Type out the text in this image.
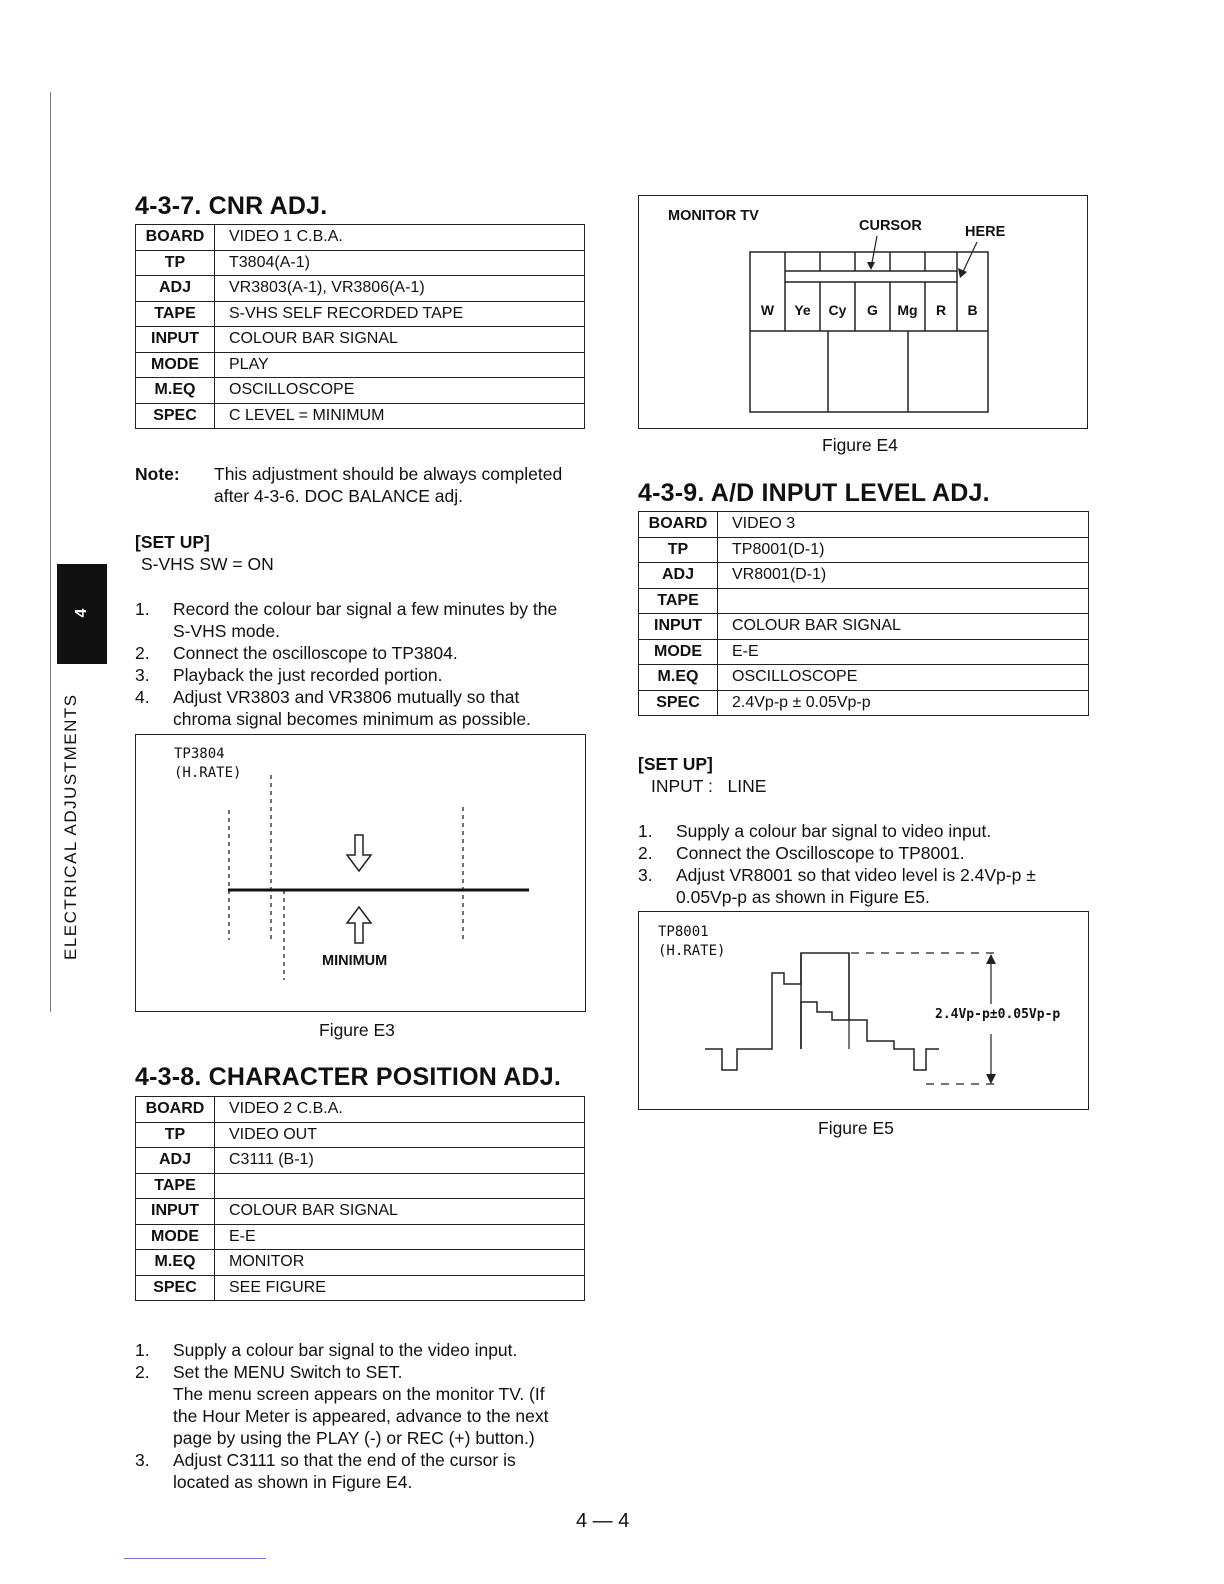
4
ELECTRICAL ADJUSTMENTS
4-3-7. CNR ADJ.
BOARD	VIDEO 1 C.B.A.
TP	T3804(A-1)
ADJ	VR3803(A-1), VR3806(A-1)
TAPE	S-VHS SELF RECORDED TAPE
INPUT	COLOUR BAR SIGNAL
MODE	PLAY
M.EQ	OSCILLOSCOPE
SPEC	C LEVEL = MINIMUM
Note: This adjustment should be always completed
after 4-3-6. DOC BALANCE adj.
[SET UP]
S-VHS SW = ON
1. Record the colour bar signal a few minutes by the
S-VHS mode.
2. Connect the oscilloscope to TP3804.
3. Playback the just recorded portion.
4. Adjust VR3803 and VR3806 mutually so that
chroma signal becomes minimum as possible.
TP3804
(H.RATE)
MINIMUM
Figure E3
4-3-8. CHARACTER POSITION ADJ.
BOARD	VIDEO 2 C.B.A.
TP	VIDEO OUT
ADJ	C3111 (B-1)
TAPE	
INPUT	COLOUR BAR SIGNAL
MODE	E-E
M.EQ	MONITOR
SPEC	SEE FIGURE
1. Supply a colour bar signal to the video input.
2. Set the MENU Switch to SET.
The menu screen appears on the monitor TV. (If
the Hour Meter is appeared, advance to the next
page by using the PLAY (-) or REC (+) button.)
3. Adjust C3111 so that the end of the cursor is
located as shown in Figure E4.
MONITOR TV
CURSOR	HERE
W	Ye	Cy	G	Mg	R	B
Figure E4
4-3-9. A/D INPUT LEVEL ADJ.
BOARD	VIDEO 3
TP	TP8001(D-1)
ADJ	VR8001(D-1)
TAPE	
INPUT	COLOUR BAR SIGNAL
MODE	E-E
M.EQ	OSCILLOSCOPE
SPEC	2.4Vp-p ± 0.05Vp-p
[SET UP]
INPUT :   LINE
1. Supply a colour bar signal to video input.
2. Connect the Oscilloscope to TP8001.
3. Adjust VR8001 so that video level is 2.4Vp-p ±
0.05Vp-p as shown in Figure E5.
TP8001
(H.RATE)
2.4Vp-p±0.05Vp-p
Figure E5
4 — 4
